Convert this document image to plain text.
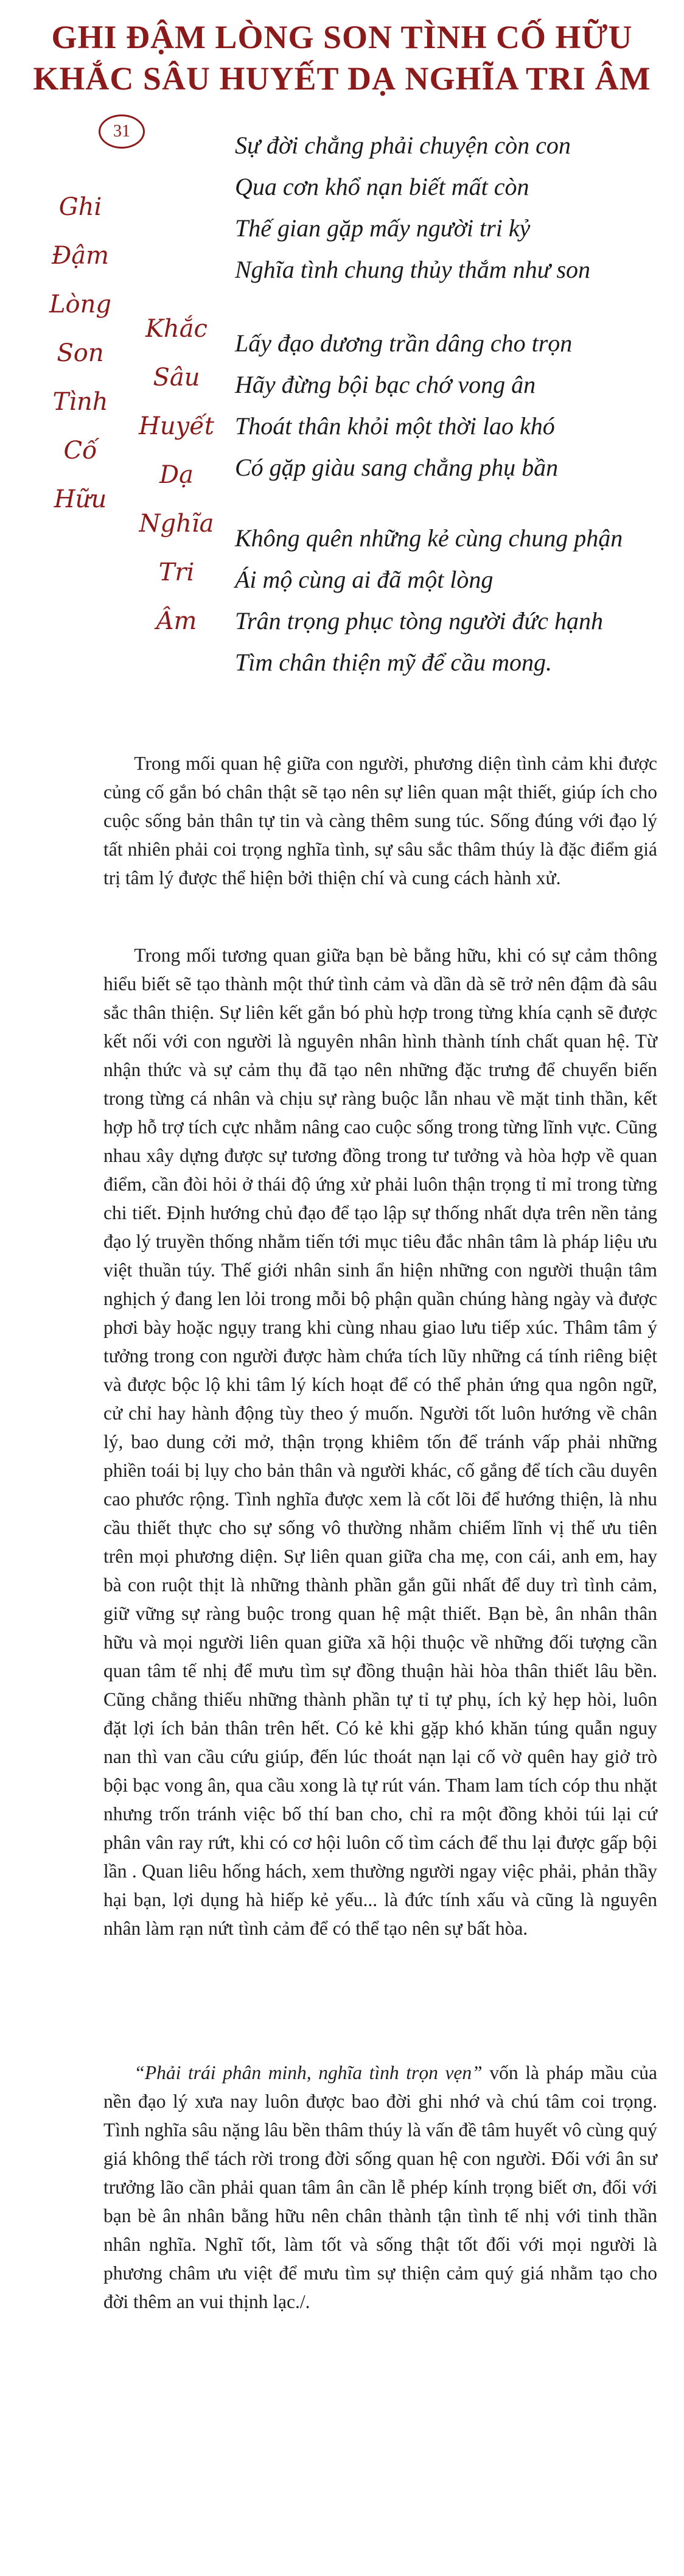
GHI ĐẬM LÒNG SON TÌNH CỐ HỮU
KHẮC SÂU HUYẾT DẠ NGHĨA TRI ÂM
31
Ghi
Đậm
Lòng
Son
Tình
Cố
Hữu
Khắc
Sâu
Huyết
Dạ
Nghĩa
Tri
Âm
Sự đời chẳng phải chuyện còn con
Qua cơn khổ nạn biết mất còn
Thế gian gặp mấy người tri kỷ
Nghĩa tình chung thủy thắm như son
Lấy đạo dương trần dâng cho trọn
Hãy đừng bội bạc chớ vong ân
Thoát thân khỏi một thời lao khó
Có gặp giàu sang chẳng phụ bần
Không quên những kẻ cùng chung phận
Ái mộ cùng ai đã một lòng
Trân trọng phục tòng người đức hạnh
Tìm chân thiện mỹ để cầu mong.

Trong mối quan hệ giữa con người, phương diện tình cảm khi được củng cố gắn bó chân thật sẽ tạo nên sự liên quan mật thiết, giúp ích cho cuộc sống bản thân tự tin và càng thêm sung túc. Sống đúng với đạo lý tất nhiên phải coi trọng nghĩa tình, sự sâu sắc thâm thúy là đặc điểm giá trị tâm lý được thể hiện bởi thiện chí và cung cách hành xử.

Trong mối tương quan giữa bạn bè bằng hữu, khi có sự cảm thông hiểu biết sẽ tạo thành một thứ tình cảm và dần dà sẽ trở nên đậm đà sâu sắc thân thiện. Sự liên kết gắn bó phù hợp trong từng khía cạnh sẽ được kết nối với con người là nguyên nhân hình thành tính chất quan hệ. Từ nhận thức và sự cảm thụ đã tạo nên những đặc trưng để chuyển biến trong từng cá nhân và chịu sự ràng buộc lẫn nhau về mặt tinh thần, kết hợp hỗ trợ tích cực nhằm nâng cao cuộc sống trong từng lĩnh vực. Cũng nhau xây dựng được sự tương đồng trong tư tưởng và hòa hợp về quan điểm, cần đòi hỏi ở thái độ ứng xử phải luôn thận trọng tỉ mỉ trong từng chi tiết. Định hướng chủ đạo để tạo lập sự thống nhất dựa trên nền tảng đạo lý truyền thống nhằm tiến tới mục tiêu đắc nhân tâm là pháp liệu ưu việt thuần túy. Thế giới nhân sinh ẩn hiện những con người thuận tâm nghịch ý đang len lỏi trong mỗi bộ phận quần chúng hàng ngày và được phơi bày hoặc ngụy trang khi cùng nhau giao lưu tiếp xúc. Thâm tâm ý tưởng trong con người được hàm chứa tích lũy những cá tính riêng biệt và được bộc lộ khi tâm lý kích hoạt để có thể phản ứng qua ngôn ngữ, cử chỉ hay hành động tùy theo ý muốn. Người tốt luôn hướng về chân lý, bao dung cởi mở, thận trọng khiêm tốn để tránh vấp phải những phiền toái bị lụy cho bản thân và người khác, cố gắng để tích cầu duyên cao phước rộng. Tình nghĩa được xem là cốt lõi để hướng thiện, là nhu cầu thiết thực cho sự sống vô thường nhằm chiếm lĩnh vị thế ưu tiên trên mọi phương diện. Sự liên quan giữa cha mẹ, con cái, anh em, hay bà con ruột thịt là những thành phần gắn gũi nhất để duy trì tình cảm, giữ vững sự ràng buộc trong quan hệ mật thiết. Bạn bè, ân nhân thân hữu và mọi người liên quan giữa xã hội thuộc về những đối tượng cần quan tâm tế nhị để mưu tìm sự đồng thuận hài hòa thân thiết lâu bền. Cũng chẳng thiếu những thành phần tự tỉ tự phụ, ích kỷ hẹp hòi, luôn đặt lợi ích bản thân trên hết. Có kẻ khi gặp khó khăn túng quẫn nguy nan thì van cầu cứu giúp, đến lúc thoát nạn lại cố vờ quên hay giở trò bội bạc vong ân, qua cầu xong là tự rút ván. Tham lam tích cóp thu nhặt nhưng trốn tránh việc bố thí ban cho, chỉ ra một đồng khỏi túi lại cứ phân vân ray rứt, khi có cơ hội luôn cố tìm cách để thu lại được gấp bội lần . Quan liêu hống hách, xem thường người ngay việc phải, phản thầy hại bạn, lợi dụng hà hiếp kẻ yếu... là đức tính xấu và cũng là nguyên nhân làm rạn nứt tình cảm để có thể tạo nên sự bất hòa.

“Phải trái phân minh, nghĩa tình trọn vẹn” vốn là pháp mầu của nền đạo lý xưa nay luôn được bao đời ghi nhớ và chú tâm coi trọng. Tình nghĩa sâu nặng lâu bền thâm thúy là vấn đề tâm huyết vô cùng quý giá không thể tách rời trong đời sống quan hệ con người. Đối với ân sư trưởng lão cần phải quan tâm ân cần lễ phép kính trọng biết ơn, đối với bạn bè ân nhân bằng hữu nên chân thành tận tình tế nhị với tinh thần nhân nghĩa. Nghĩ tốt, làm tốt và sống thật tốt đối với mọi người là phương châm ưu việt để mưu tìm sự thiện cảm quý giá nhằm tạo cho đời thêm an vui thịnh lạc./.
